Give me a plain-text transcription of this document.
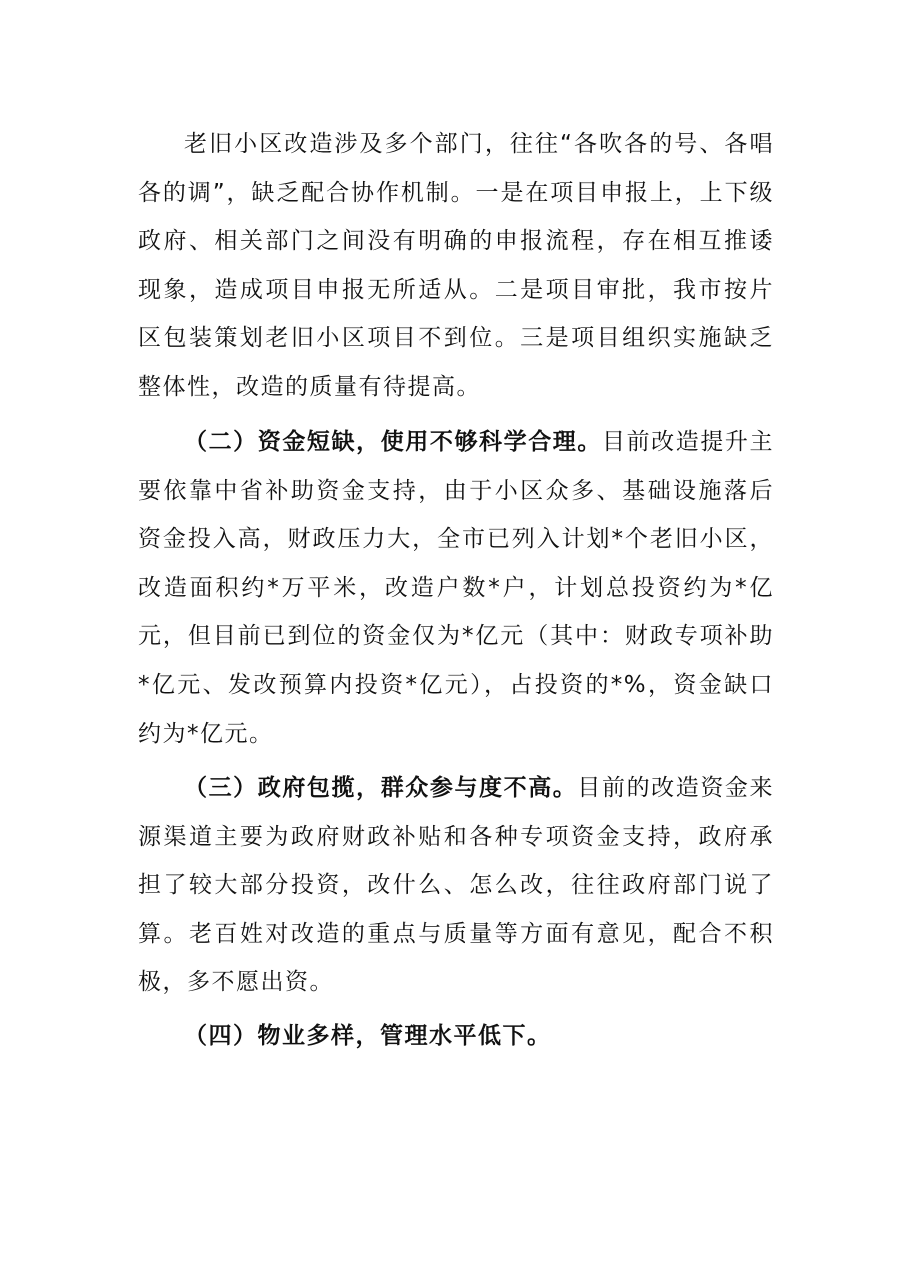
老旧小区改造涉及多个部门，往往“各吹各的号、各唱各的调”，缺乏配合协作机制。一是在项目申报上，上下级政府、相关部门之间没有明确的申报流程，存在相互推诿现象，造成项目申报无所适从。二是项目审批，我市按片区包装策划老旧小区项目不到位。三是项目组织实施缺乏整体性，改造的质量有待提高。

（二）资金短缺，使用不够科学合理。目前改造提升主要依靠中省补助资金支持，由于小区众多、基础设施落后资金投入高，财政压力大，全市已列入计划*个老旧小区，改造面积约*万平米，改造户数*户，计划总投资约为*亿元，但目前已到位的资金仅为*亿元（其中：财政专项补助*亿元、发改预算内投资*亿元），占投资的*%，资金缺口约为*亿元。

（三）政府包揽，群众参与度不高。目前的改造资金来源渠道主要为政府财政补贴和各种专项资金支持，政府承担了较大部分投资，改什么、怎么改，往往政府部门说了算。老百姓对改造的重点与质量等方面有意见，配合不积极，多不愿出资。

（四）物业多样，管理水平低下。
